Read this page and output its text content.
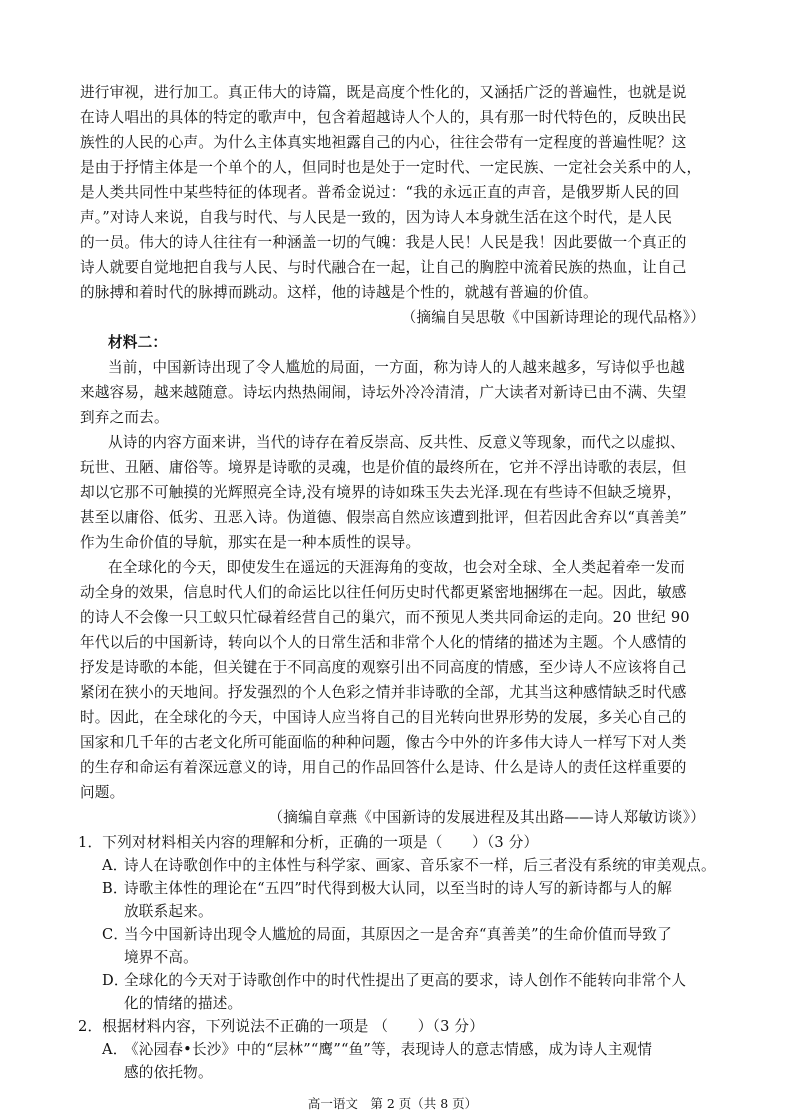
进行审视，进行加工。真正伟大的诗篇，既是高度个性化的，又涵括广泛的普遍性，也就是说
在诗人唱出的具体的特定的歌声中，包含着超越诗人个人的，具有那一时代特色的，反映出民
族性的人民的心声。为什么主体真实地袒露自己的内心，往往会带有一定程度的普遍性呢？这
是由于抒情主体是一个单个的人，但同时也是处于一定时代、一定民族、一定社会关系中的人，
是人类共同性中某些特征的体现者。普希金说过：“我的永远正直的声音，是俄罗斯人民的回
声。”对诗人来说，自我与时代、与人民是一致的，因为诗人本身就生活在这个时代，是人民
的一员。伟大的诗人往往有一种涵盖一切的气魄：我是人民！人民是我！因此要做一个真正的
诗人就要自觉地把自我与人民、与时代融合在一起，让自己的胸腔中流着民族的热血，让自己
的脉搏和着时代的脉搏而跳动。这样，他的诗越是个性的，就越有普遍的价值。
（摘编自吴思敬《中国新诗理论的现代品格》）
材料二：
当前，中国新诗出现了令人尴尬的局面，一方面，称为诗人的人越来越多，写诗似乎也越
来越容易，越来越随意。诗坛内热热闹闹，诗坛外冷冷清清，广大读者对新诗已由不满、失望
到弃之而去。
从诗的内容方面来讲，当代的诗存在着反崇高、反共性、反意义等现象，而代之以虚拟、
玩世、丑陋、庸俗等。境界是诗歌的灵魂，也是价值的最终所在，它并不浮出诗歌的表层，但
却以它那不可触摸的光辉照亮全诗,没有境界的诗如珠玉失去光泽.现在有些诗不但缺乏境界，
甚至以庸俗、低劣、丑恶入诗。伪道德、假崇高自然应该遭到批评，但若因此舍弃以“真善美”
作为生命价值的导航，那实在是一种本质性的误导。
在全球化的今天，即使发生在遥远的天涯海角的变故，也会对全球、全人类起着牵一发而
动全身的效果，信息时代人们的命运比以往任何历史时代都更紧密地捆绑在一起。因此，敏感
的诗人不会像一只工蚁只忙碌着经营自己的巢穴，而不预见人类共同命运的走向。20 世纪 90
年代以后的中国新诗，转向以个人的日常生活和非常个人化的情绪的描述为主题。个人感情的
抒发是诗歌的本能，但关键在于不同高度的观察引出不同高度的情感，至少诗人不应该将自己
紧闭在狭小的天地间。抒发强烈的个人色彩之情并非诗歌的全部，尤其当这种感情缺乏时代感
时。因此，在全球化的今天，中国诗人应当将自己的目光转向世界形势的发展，多关心自己的
国家和几千年的古老文化所可能面临的种种问题，像古今中外的许多伟大诗人一样写下对人类
的生存和命运有着深远意义的诗，用自己的作品回答什么是诗、什么是诗人的责任这样重要的
问题。
（摘编自章燕《中国新诗的发展进程及其出路——诗人郑敏访谈》）
1．下列对材料相关内容的理解和分析，正确的一项是（　　）（3 分）
A．
诗人在诗歌创作中的主体性与科学家、画家、音乐家不一样，后三者没有系统的审美观点。
B．
诗歌主体性的理论在“五四”时代得到极大认同，以至当时的诗人写的新诗都与人的解
放联系起来。
C．
当今中国新诗出现令人尴尬的局面，其原因之一是舍弃“真善美”的生命价值而导致了
境界不高。
D．
全球化的今天对于诗歌创作中的时代性提出了更高的要求，诗人创作不能转向非常个人
化的情绪的描述。
2．根据材料内容，下列说法不正确的一项是 （　　）（3 分）
高一语文　第 2 页（共 8 页）
A．
《沁园春•长沙》中的“层林”“鹰”“鱼”等，表现诗人的意志情感，成为诗人主观情
感的依托物。
